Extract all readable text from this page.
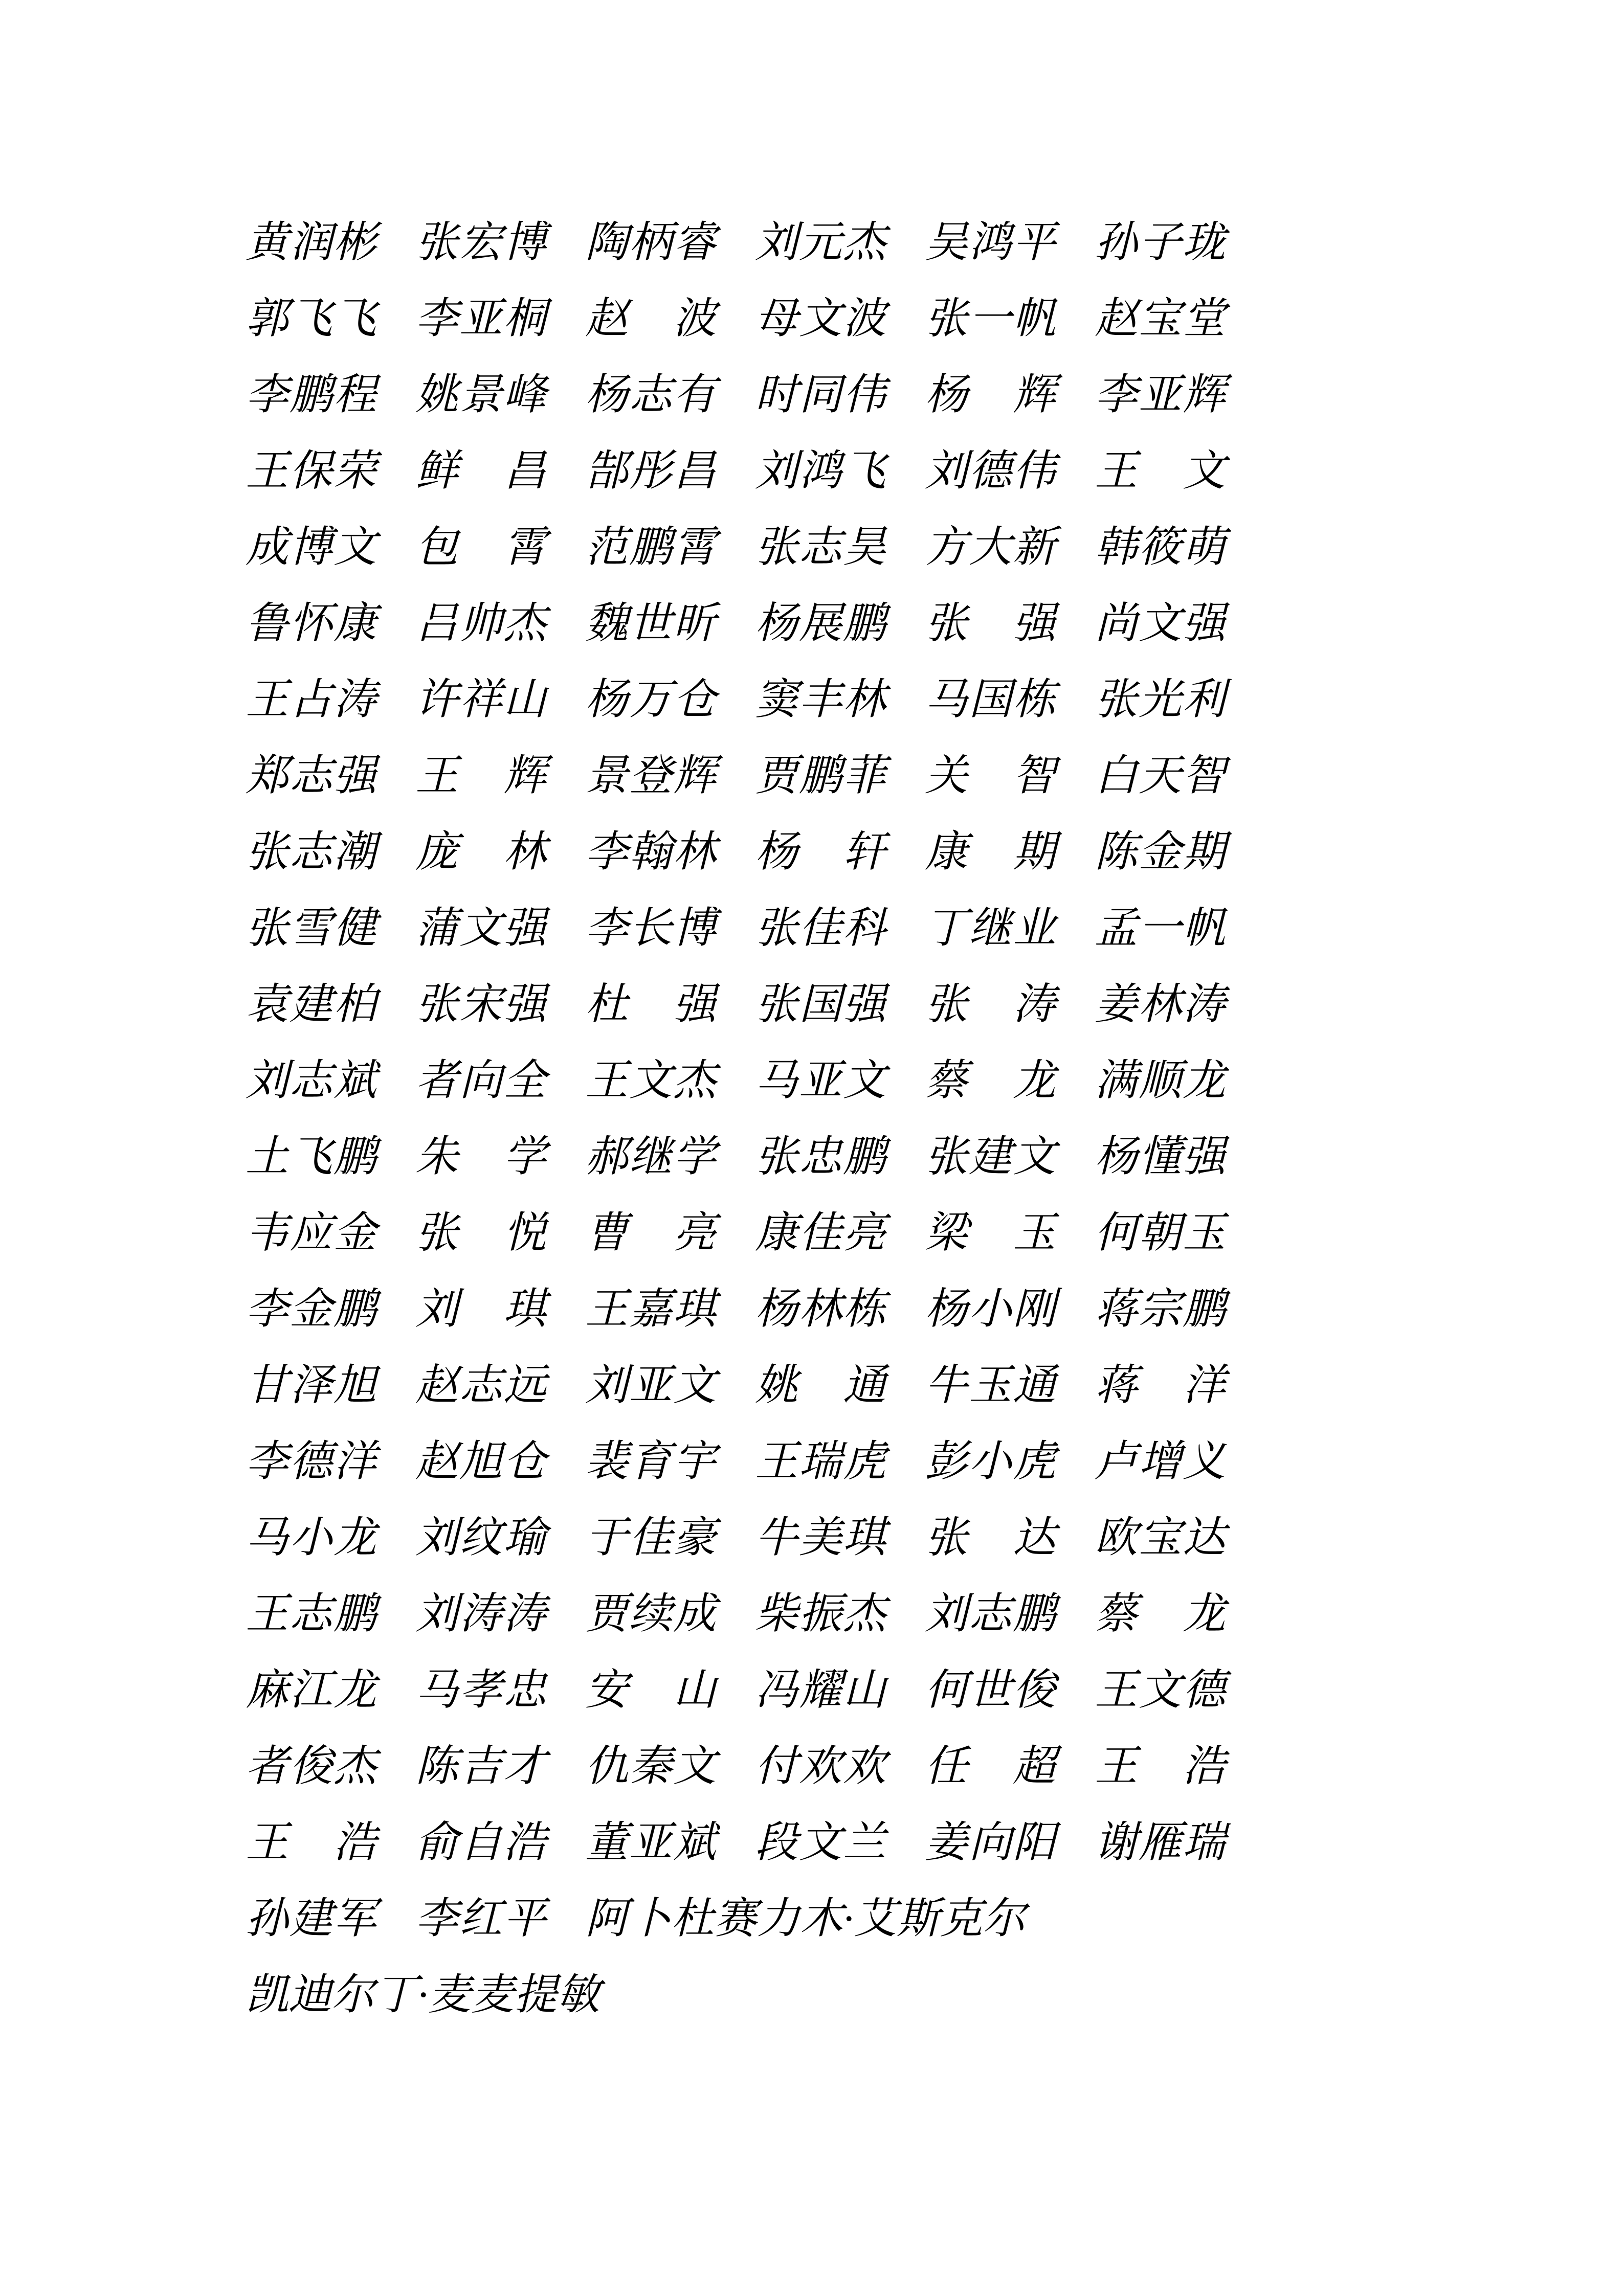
黄润彬 张宏博 陶柄睿 刘元杰 吴鸿平 孙子珑
郭飞飞 李亚桐 赵波 母文波 张一帆 赵宝堂
李鹏程 姚景峰 杨志有 时同伟 杨辉 李亚辉
王保荣 鲜昌 郜彤昌 刘鸿飞 刘德伟 王文
成博文 包霄 范鹏霄 张志昊 方大新 韩筱萌
鲁怀康 吕帅杰 魏世昕 杨展鹏 张强 尚文强
王占涛 许祥山 杨万仓 窦丰林 马国栋 张光利
郑志强 王辉 景登辉 贾鹏菲 关智 白天智
张志潮 庞林 李翰林 杨轩 康期 陈金期
张雪健 蒲文强 李长博 张佳科 丁继业 孟一帆
袁建柏 张宋强 杜强 张国强 张涛 姜林涛
刘志斌 者向全 王文杰 马亚文 蔡龙 满顺龙
土飞鹏 朱学 郝继学 张忠鹏 张建文 杨懂强
韦应金 张悦 曹亮 康佳亮 梁玉 何朝玉
李金鹏 刘琪 王嘉琪 杨林栋 杨小刚 蒋宗鹏
甘泽旭 赵志远 刘亚文 姚通 牛玉通 蒋洋
李德洋 赵旭仓 裴育宇 王瑞虎 彭小虎 卢增义
马小龙 刘纹瑜 于佳豪 牛美琪 张达 欧宝达
王志鹏 刘涛涛 贾续成 柴振杰 刘志鹏 蔡龙
麻江龙 马孝忠 安山 冯耀山 何世俊 王文德
者俊杰 陈吉才 仇秦文 付欢欢 任超 王浩
王浩 俞自浩 董亚斌 段文兰 姜向阳 谢雁瑞
孙建军 李红平 阿卜杜赛力木·艾斯克尔
凯迪尔丁·麦麦提敏
